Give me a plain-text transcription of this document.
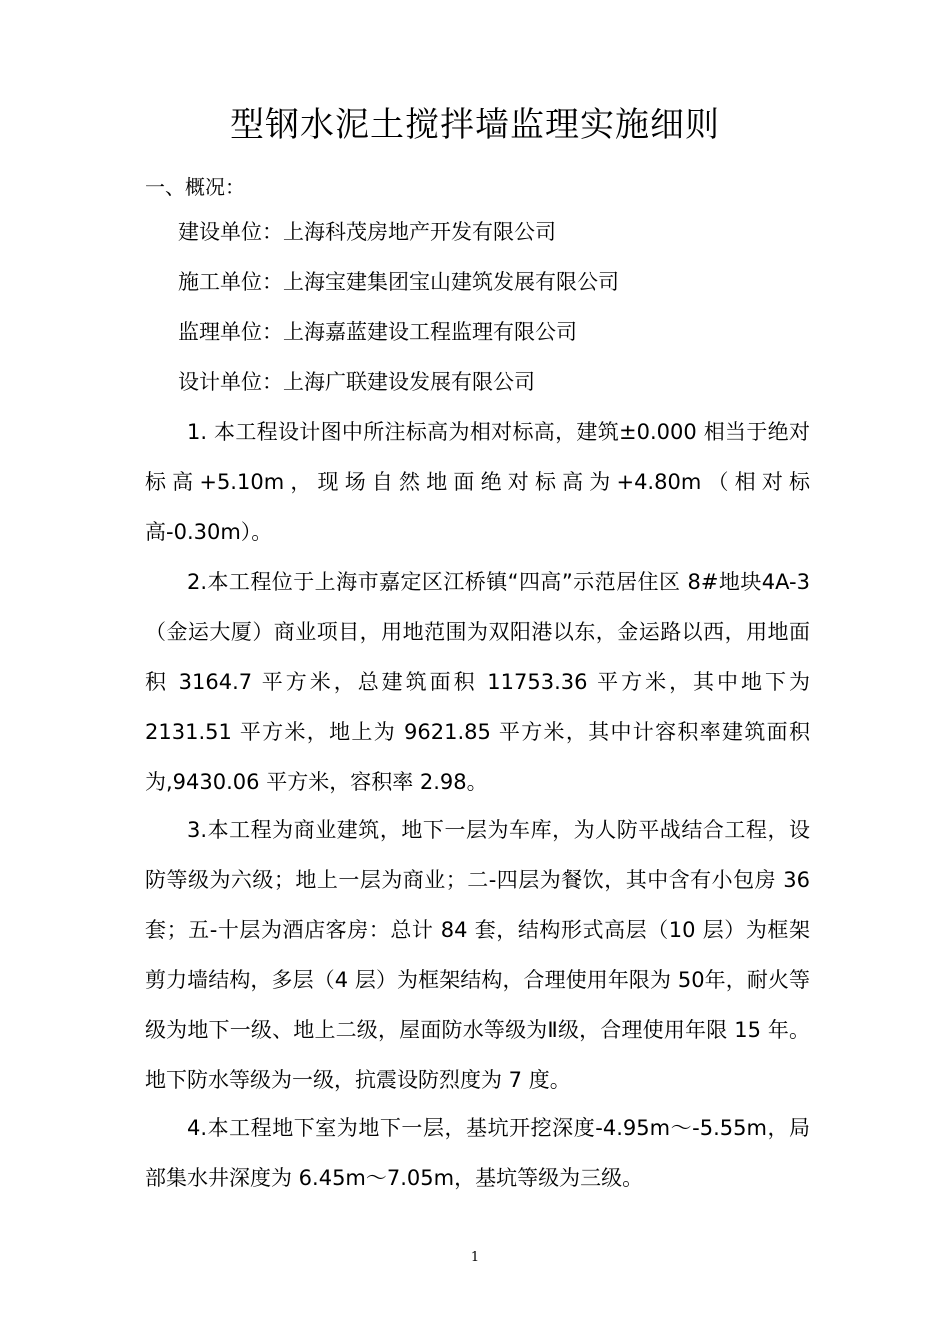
型钢水泥土搅拌墙监理实施细则
一、概况：
建设单位：上海科茂房地产开发有限公司
施工单位：上海宝建集团宝山建筑发展有限公司
监理单位：上海嘉蓝建设工程监理有限公司
设计单位：上海广联建设发展有限公司
1. 本工程设计图中所注标高为相对标高，建筑±0.000 相当于绝对标高+5.10m，现场自然地面绝对标高为+4.80m（相对标高-0.30m）。
2.本工程位于上海市嘉定区江桥镇“四高”示范居住区 8#地块4A-3（金运大厦）商业项目，用地范围为双阳港以东，金运路以西，用地面积 3164.7 平方米，总建筑面积 11753.36 平方米，其中地下为 2131.51 平方米，地上为 9621.85 平方米，其中计容积率建筑面积为,9430.06 平方米，容积率 2.98。
3.本工程为商业建筑，地下一层为车库，为人防平战结合工程，设防等级为六级；地上一层为商业；二-四层为餐饮，其中含有小包房 36 套；五-十层为酒店客房：总计 84 套，结构形式高层（10 层）为框架剪力墙结构，多层（4 层）为框架结构，合理使用年限为 50年，耐火等级为地下一级、地上二级，屋面防水等级为Ⅱ级，合理使用年限 15 年。地下防水等级为一级，抗震设防烈度为 7 度。
4.本工程地下室为地下一层，基坑开挖深度-4.95m～-5.55m，局部集水井深度为 6.45m～7.05m，基坑等级为三级。
1
